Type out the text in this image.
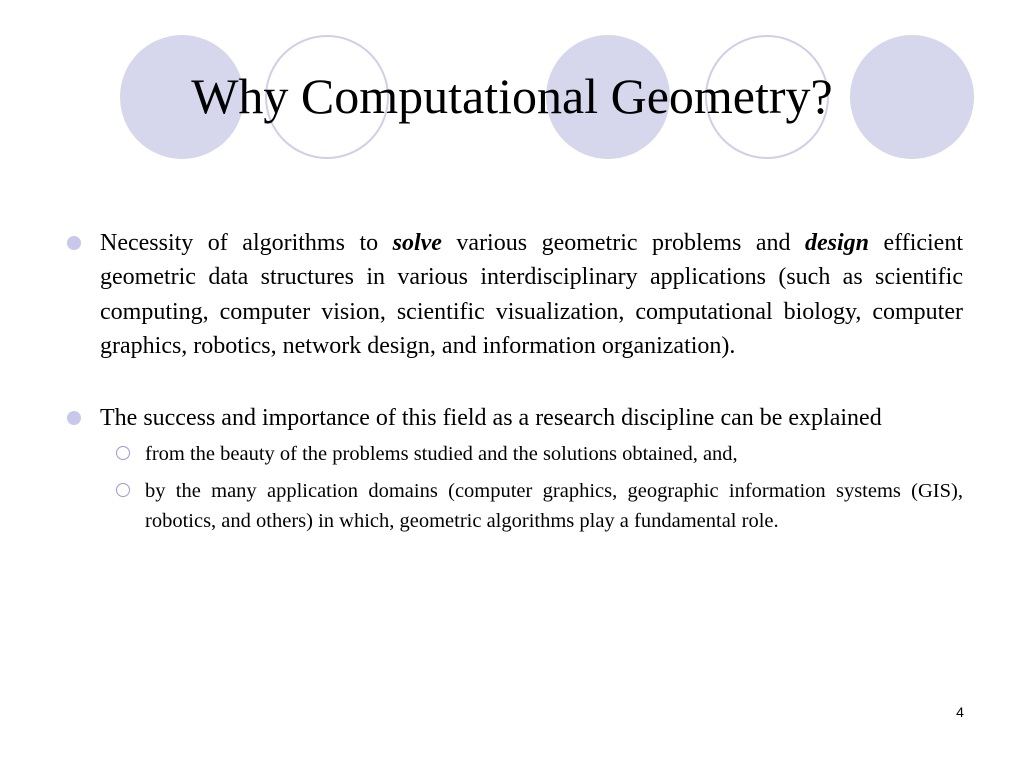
Why Computational Geometry?
Necessity of algorithms to solve various geometric problems and design efficient geometric data structures in various interdisciplinary applications (such as scientific computing, computer vision, scientific visualization, computational biology, computer graphics, robotics, network design, and information organization).
The success and importance of this field as a research discipline can be explained
from the beauty of the problems studied and the solutions obtained, and,
by the many application domains (computer graphics, geographic information systems (GIS), robotics, and others) in which, geometric algorithms play a fundamental role.
4
